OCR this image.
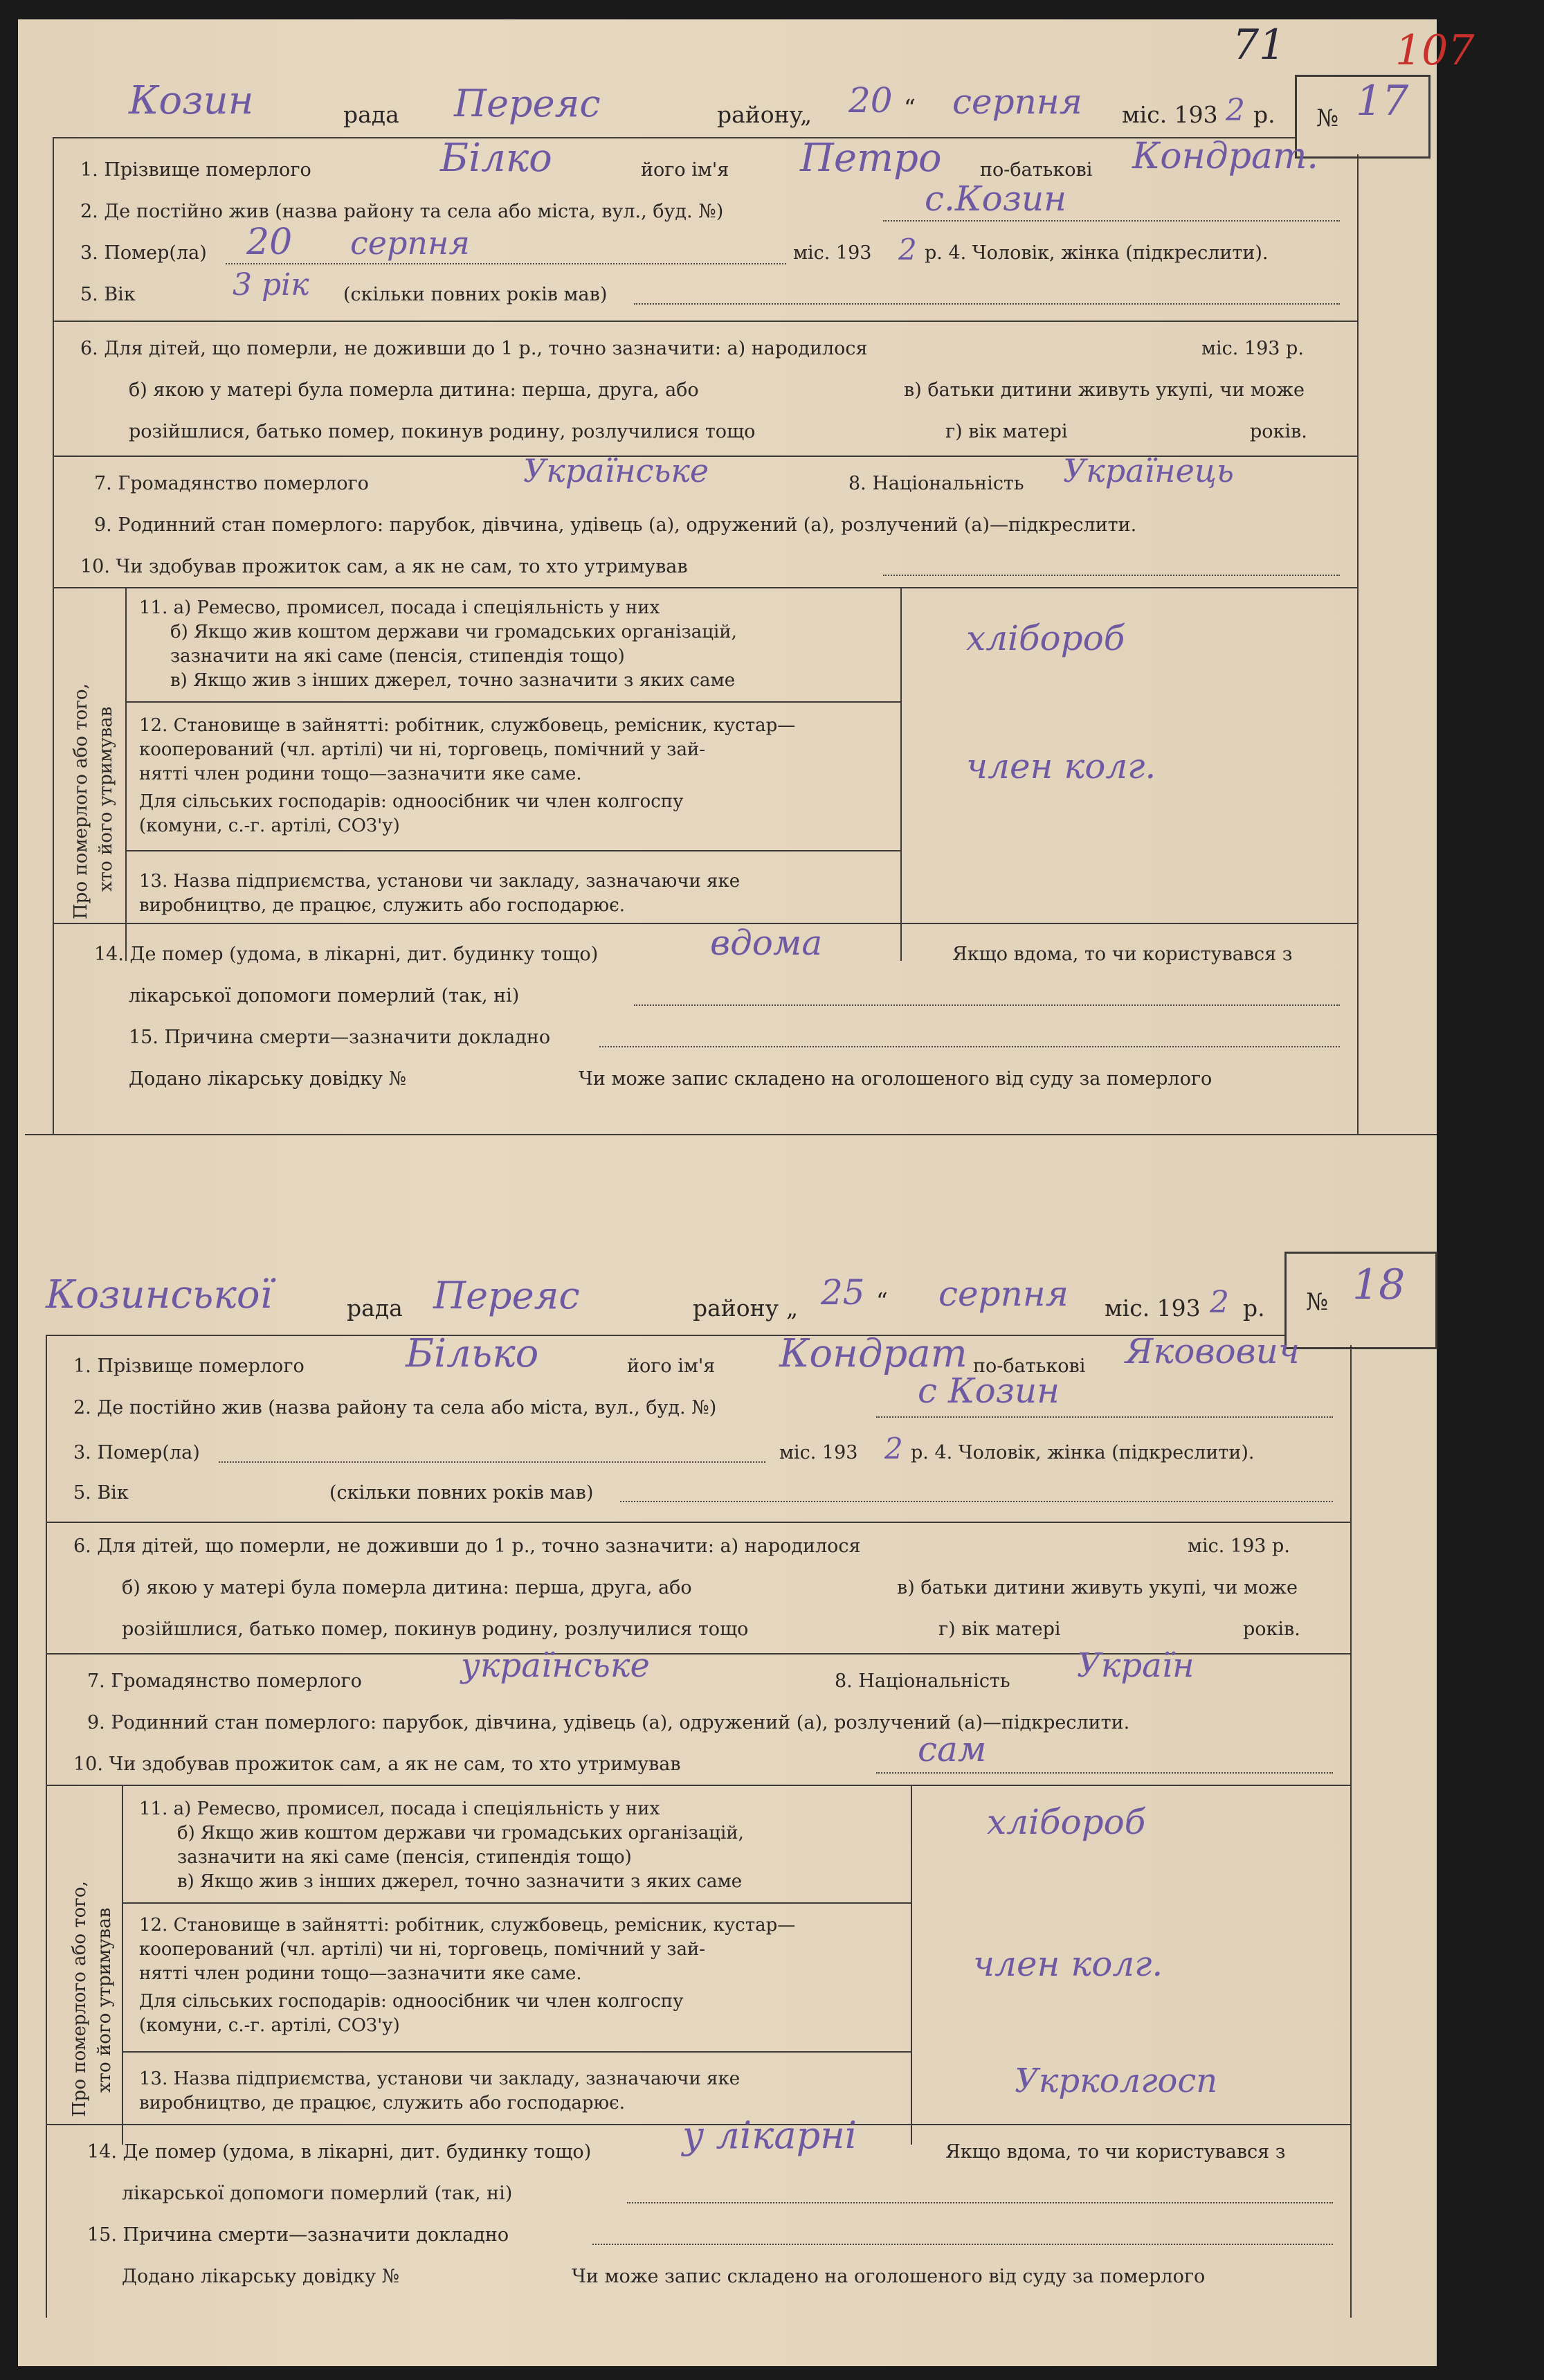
71	107
Козин	рада Переяс	району
„ 20 “ серпня міс. 193 2 р. № 17
1. Прізвище померлого	Бiлко	його ім'я Петро по-батькові Кондрат.
2. Де постійно жив (назва району та села або міста, вул., буд. №)	с.Козин
3. Помер(ла) 20 серпня	міс. 193 2 р. 4. Чоловік, жінка (підкреслити).
5. Вік	3 рік (скільки повних років мав)
6. Для дітей, що померли, не доживши до 1 р., точно зазначити: а) народилося	міс. 193 р.
б) якою у матері була померла дитина: перша, друга, або	в) батьки дитини живуть укупі, чи може
розійшлися, батько помер, покинув родину, розлучилися тощо	г) вік матері	років.
7. Громадянство померлого	Українське	8. Національність Українець
9. Родинний стан померлого: парубок, дівчина, удівець (а), одружений (а), розлучений (а)—підкреслити.
10. Чи здобував прожиток сам, а як не сам, то хто утримував
Про померлого або того, хто його утримував
11. а) Ремесво, промисел, посада і спеціяльність у них
б) Якщо жив коштом держави чи громадських організацій,
зазначити на які саме (пенсія, стипендія тощо)
в) Якщо жив з інших джерел, точно зазначити з яких саме
хлібороб
12. Становище в зайнятті: робітник, службовець, ремісник, кустар—
кооперований (чл. артілі) чи ні, торговець, помічний у зай-
нятті член родини тощо—зазначити яке саме.
Для сільських господарів: одноосібник чи член колгоспу
(комуни, с.-г. артілі, СОЗ'у)
член колг.
13. Назва підприємства, установи чи закладу, зазначаючи яке
виробництво, де працює, служить або господарює.
14. Де помер (удома, в лікарні, дит. будинку тощо)	вдома	Якщо вдома, то чи користувався з
лікарської допомоги померлий (так, ні)
15. Причина смерти—зазначити докладно
Додано лікарську довідку №	Чи може запис складено на оголошеного від суду за померлого
Козинської	рада Переяс	району „ 25 “ серпня міс. 193 2 р. № 18
1. Прізвище померлого	Бiлько	його ім'я Кондрат по-батькові Яковович
2. Де постійно жив (назва району та села або міста, вул., буд. №)	с Козин
3. Помер(ла)	міс. 193 2 р. 4. Чоловік, жінка (підкреслити).
5. Вік	(скільки повних років мав)
6. Для дітей, що померли, не доживши до 1 р., точно зазначити: а) народилося	міс. 193 р.
б) якою у матері була померла дитина: перша, друга, або	в) батьки дитини живуть укупі, чи може
розійшлися, батько помер, покинув родину, розлучилися тощо	г) вік матері	років.
7. Громадянство померлого	українське	8. Національність Україн
9. Родинний стан померлого: парубок, дівчина, удівець (а), одружений (а), розлучений (а)—підкреслити.
10. Чи здобував прожиток сам, а як не сам, то хто утримував	сам
Про померлого або того, хто його утримував
11. а) Ремесво, промисел, посада і спеціяльність у них
б) Якщо жив коштом держави чи громадських організацій,
зазначити на які саме (пенсія, стипендія тощо)
в) Якщо жив з інших джерел, точно зазначити з яких саме
хлібороб
12. Становище в зайнятті: робітник, службовець, ремісник, кустар—
кооперований (чл. артілі) чи ні, торговець, помічний у зай-
нятті член родини тощо—зазначити яке саме.
Для сільських господарів: одноосібник чи член колгоспу
(комуни, с.-г. артілі, СОЗ'у)
член колг.
13. Назва підприємства, установи чи закладу, зазначаючи яке
виробництво, де працює, служить або господарює.
Укрколгосп
14. Де помер (удома, в лікарні, дит. будинку тощо) у лікарні	Якщо вдома, то чи користувався з
лікарської допомоги померлий (так, ні)
15. Причина смерти—зазначити докладно
Додано лікарську довідку №	Чи може запис складено на оголошеного від суду за померлого
